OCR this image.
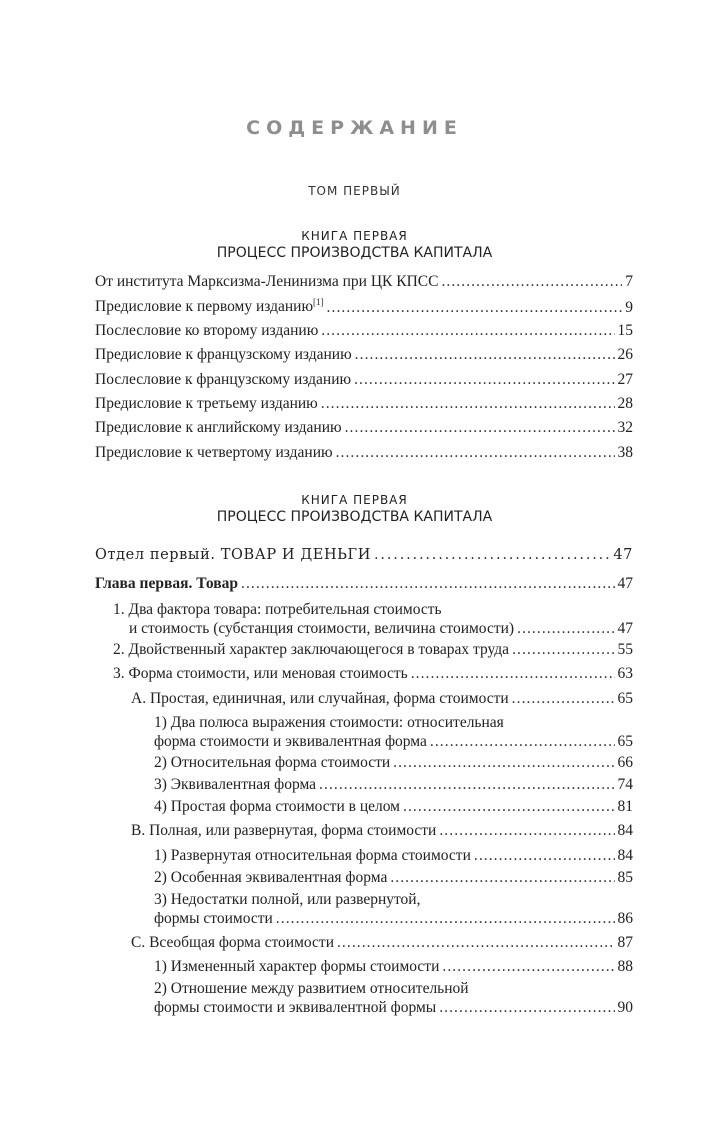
СОДЕРЖАНИЕ
ТОМ ПЕРВЫЙ
КНИГА ПЕРВАЯ
ПРОЦЕСС ПРОИЗВОДСТВА КАПИТАЛА
От института Марксизма-Ленинизма при ЦК КПСС . . .	7
Предисловие к первому изданию[1] . . .	9
Послесловие ко второму изданию . . .	15
Предисловие к французскому изданию . . .	26
Послесловие к французскому изданию . . .	27
Предисловие к третьему изданию . . .	28
Предисловие к английскому изданию . . .	32
Предисловие к четвертому изданию . . .	38
КНИГА ПЕРВАЯ
ПРОЦЕСС ПРОИЗВОДСТВА КАПИТАЛА
Отдел первый. ТОВАР И ДЕНЬГИ . . .	47
Глава первая. Товар . . .	47
1. Два фактора товара: потребительная стоимость
и стоимость (субстанция стоимости, величина стоимости) . . .	47
2. Двойственный характер заключающегося в товарах труда . . .	55
3. Форма стоимости, или меновая стоимость . . .	63
А. Простая, единичная, или случайная, форма стоимости . . .	65
1) Два полюса выражения стоимости: относительная
форма стоимости и эквивалентная форма . . .	65
2) Относительная форма стоимости . . .	66
3) Эквивалентная форма . . .	74
4) Простая форма стоимости в целом . . .	81
В. Полная, или развернутая, форма стоимости . . .	84
1) Развернутая относительная форма стоимости . . .	84
2) Особенная эквивалентная форма . . .	85
3) Недостатки полной, или развернутой,
формы стоимости . . .	86
С. Всеобщая форма стоимости . . .	87
1) Измененный характер формы стоимости . . .	88
2) Отношение между развитием относительной
формы стоимости и эквивалентной формы . . .	90
